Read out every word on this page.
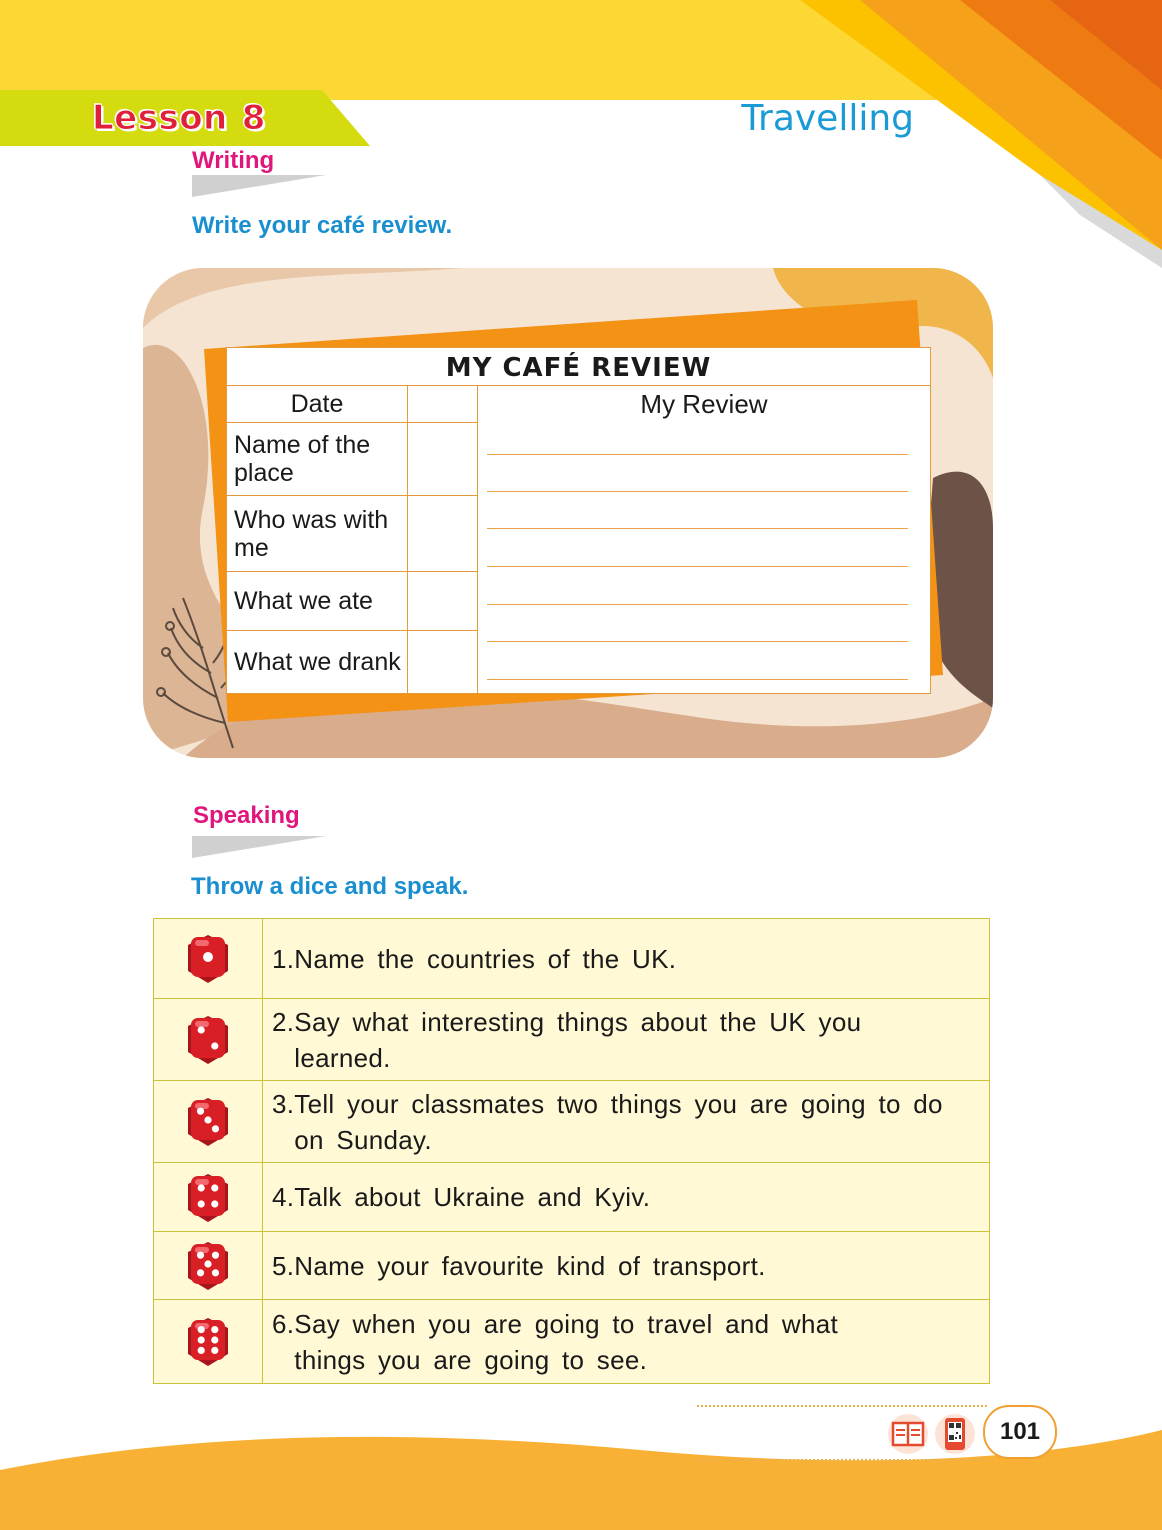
Lesson 8	Travelling
Writing
Write your café review.
MY CAFÉ REVIEW
Date
Name of the place
Who was with me
What we ate
What we drank
My Review
Speaking
Throw a dice and speak.

1. Name the countries of the UK.

2. Say what interesting things about the UK you learned.

3. Tell your classmates two things you are going to do on Sunday.

4. Talk about Ukraine and Kyiv.

5. Name your favourite kind of transport.

6. Say when you are going to travel and what things you are going to see.
101
